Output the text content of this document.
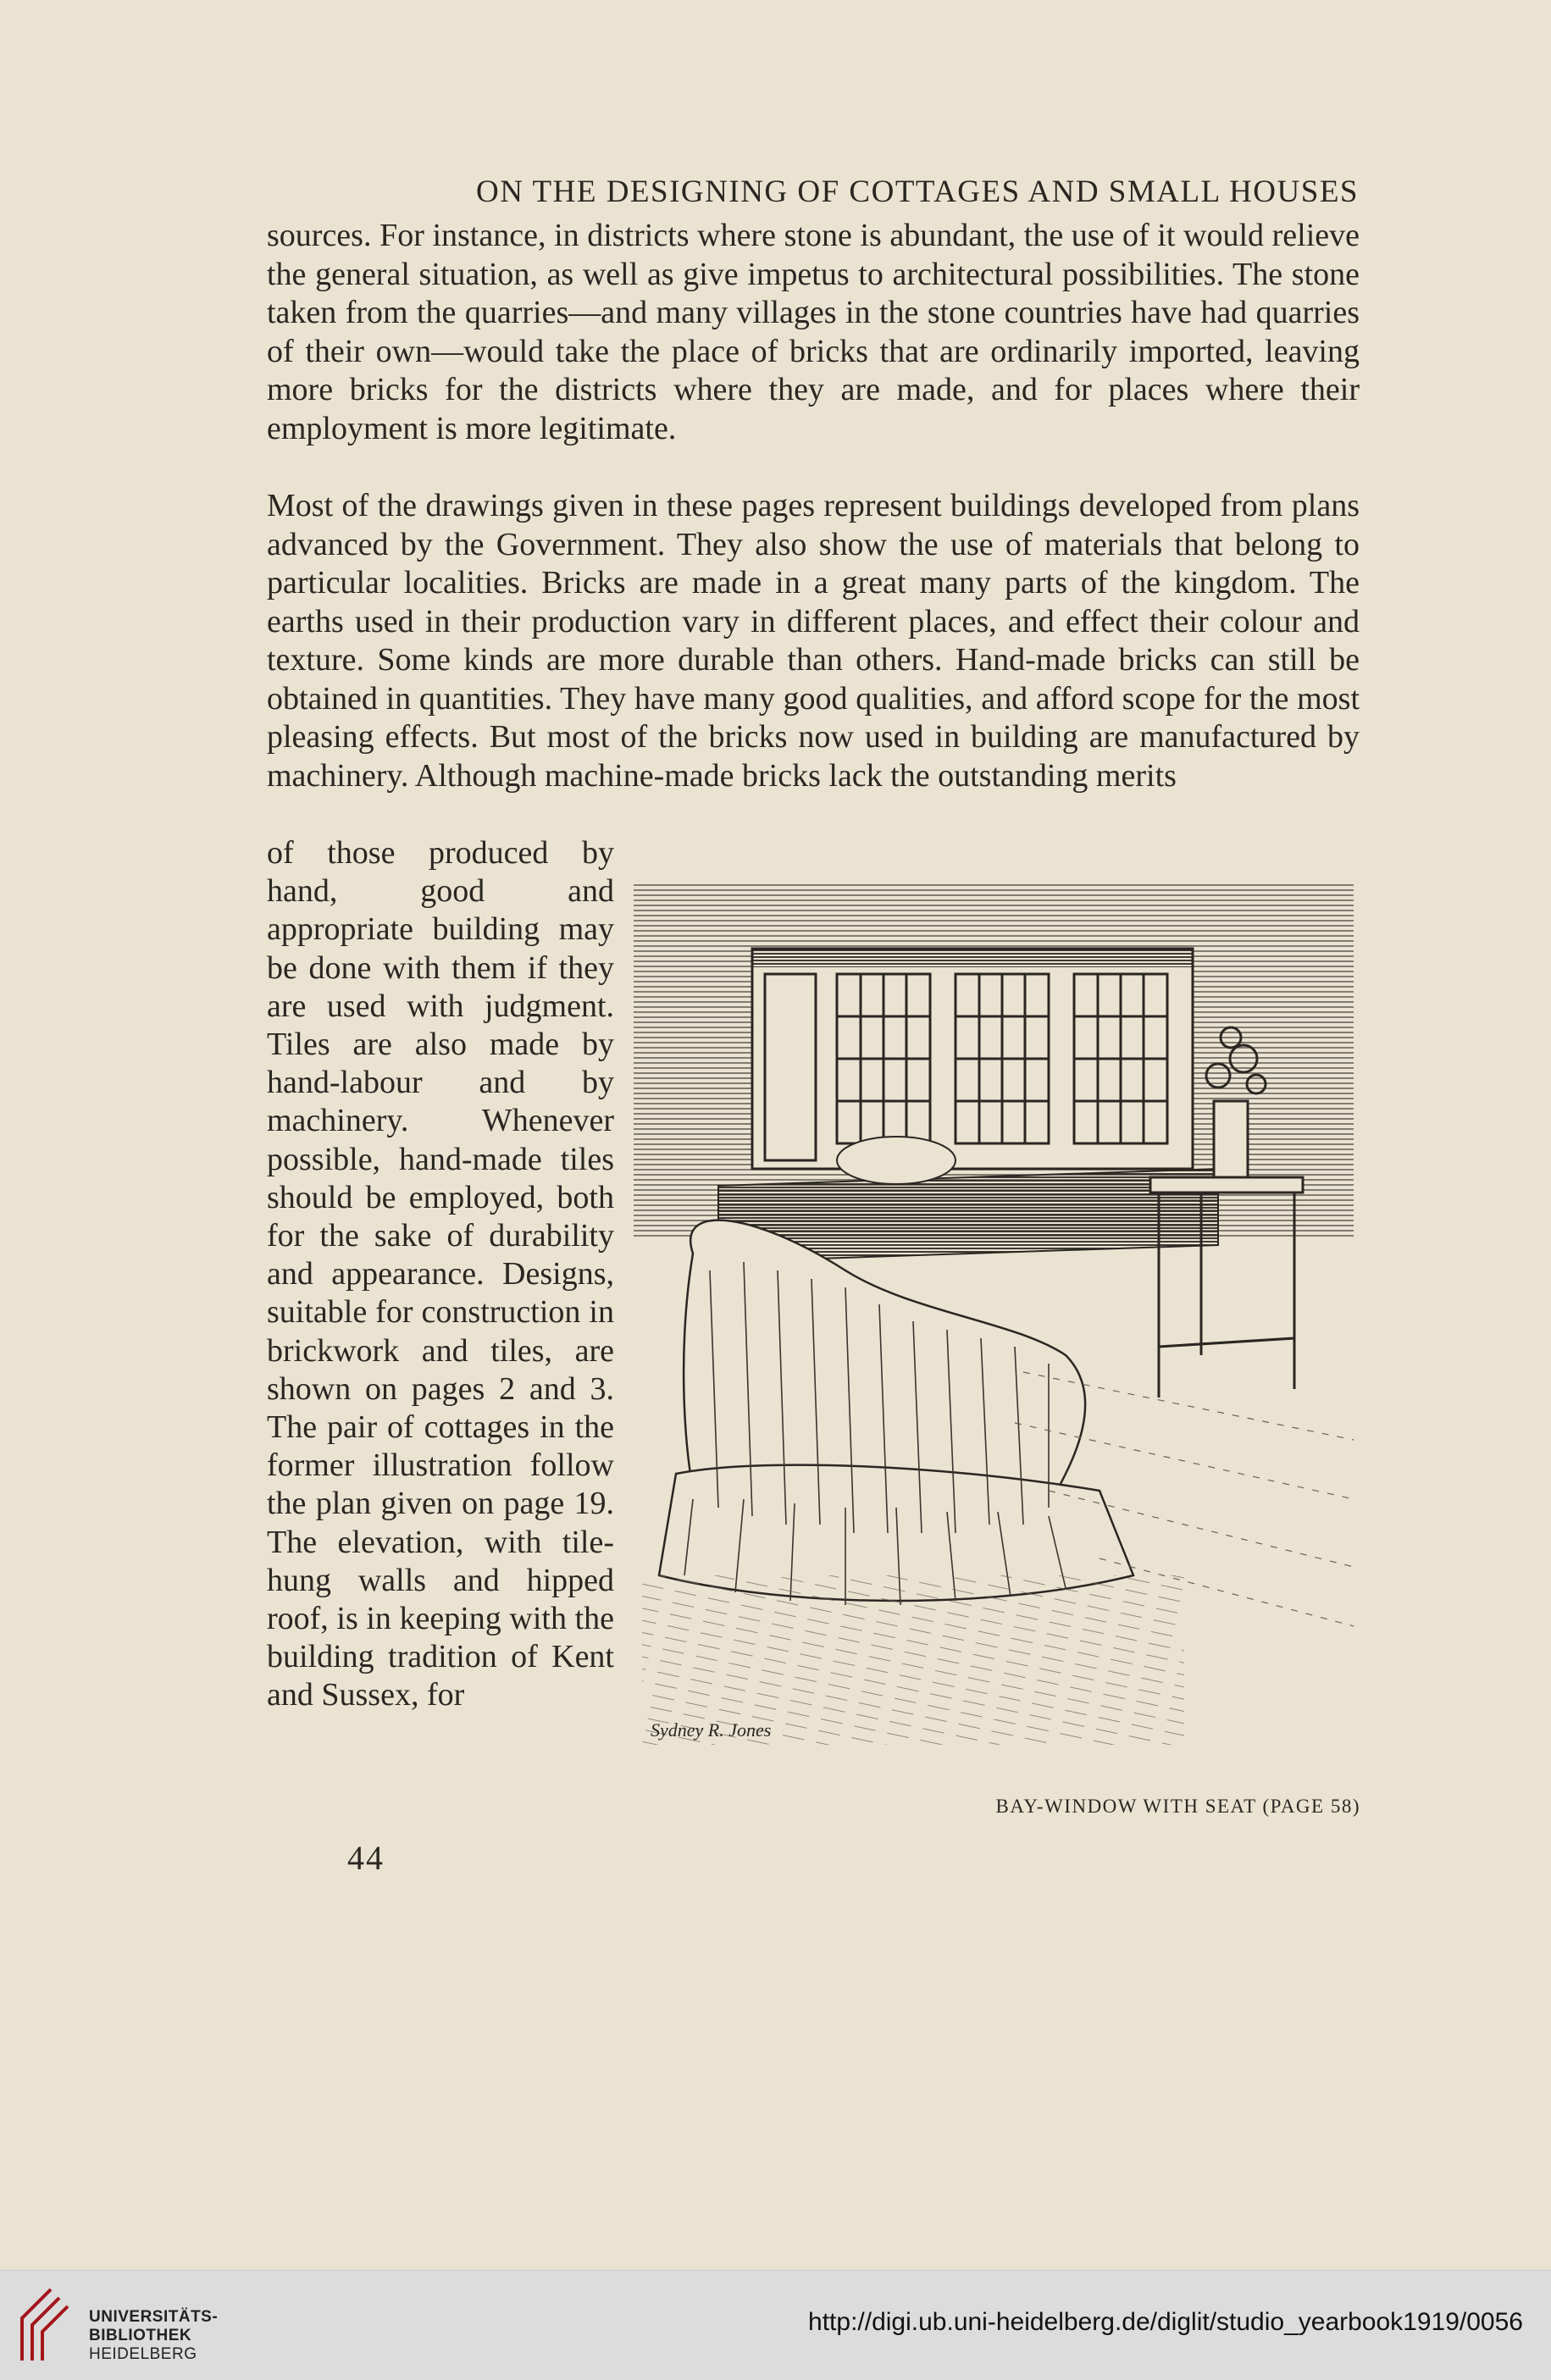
ON THE DESIGNING OF COTTAGES AND SMALL HOUSES

sources. For instance, in districts where stone is abundant, the use of it would relieve the general situation, as well as give impetus to architectural possibilities. The stone taken from the quarries—and many villages in the stone countries have had quarries of their own—would take the place of bricks that are ordinarily imported, leaving more bricks for the districts where they are made, and for places where their employment is more legitimate.

Most of the drawings given in these pages represent buildings developed from plans advanced by the Government. They also show the use of materials that belong to particular localities. Bricks are made in a great many parts of the kingdom. The earths used in their production vary in different places, and effect their colour and texture. Some kinds are more durable than others. Hand-made bricks can still be obtained in quantities. They have many good qualities, and afford scope for the most pleasing effects. But most of the bricks now used in building are manufactured by machinery. Although machine-made bricks lack the outstanding merits

of those produced by hand, good and appropriate building may be done with them if they are used with judgment. Tiles are also made by hand-labour and by machinery. Whenever possible, hand-made tiles should be employed, both for the sake of durability and appearance. Designs, suitable for construction in brickwork and tiles, are shown on pages 2 and 3. The pair of cottages in the former illustration follow the plan given on page 19. The elevation, with tile-hung walls and hipped roof, is in keeping with the building tradition of Kent and Sussex, for

Sydney R. Jones
BAY-WINDOW WITH SEAT (PAGE 58)
44
UNIVERSITÄTS-
BIBLIOTHEK
HEIDELBERG
http://digi.ub.uni-heidelberg.de/diglit/studio_yearbook1919/0056
